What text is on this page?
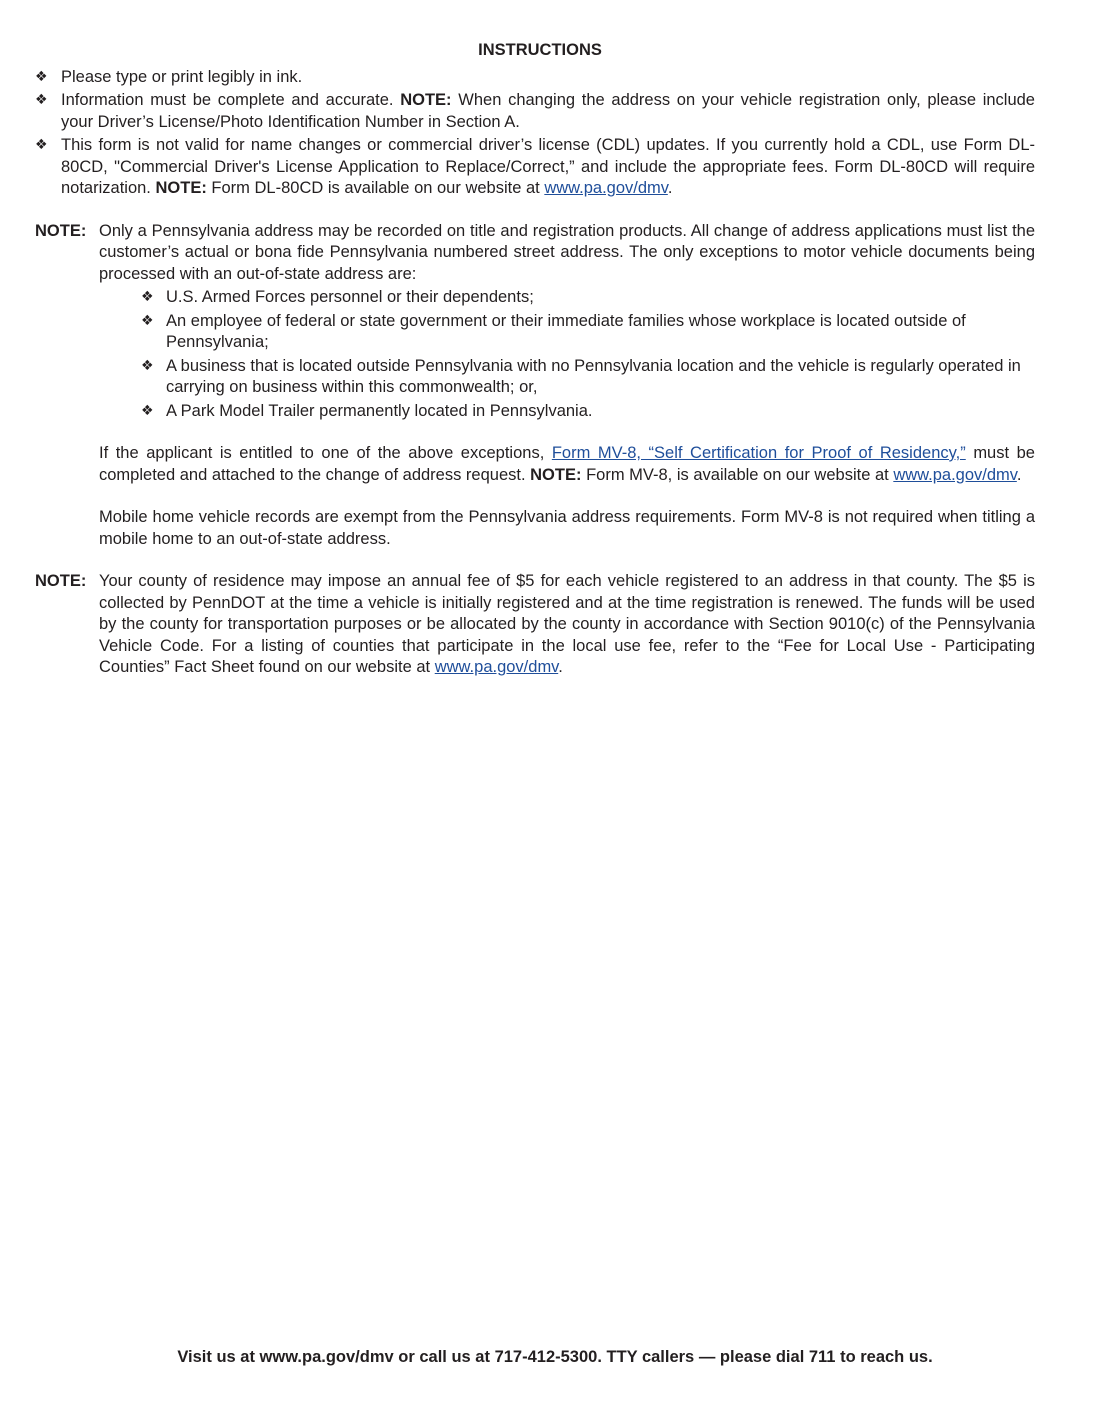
INSTRUCTIONS
❖ Please type or print legibly in ink.
❖ Information must be complete and accurate. NOTE: When changing the address on your vehicle registration only, please include your Driver’s License/Photo Identification Number in Section A.
❖ This form is not valid for name changes or commercial driver’s license (CDL) updates. If you currently hold a CDL, use Form DL-80CD, "Commercial Driver's License Application to Replace/Correct,” and include the appropriate fees. Form DL-80CD will require notarization. NOTE: Form DL-80CD is available on our website at www.pa.gov/dmv.
NOTE: Only a Pennsylvania address may be recorded on title and registration products. All change of address applications must list the customer’s actual or bona fide Pennsylvania numbered street address. The only exceptions to motor vehicle documents being processed with an out-of-state address are:

❖ U.S. Armed Forces personnel or their dependents;
❖ An employee of federal or state government or their immediate families whose workplace is located outside of Pennsylvania;
❖ A business that is located outside Pennsylvania with no Pennsylvania location and the vehicle is regularly operated in carrying on business within this commonwealth; or,
❖ A Park Model Trailer permanently located in Pennsylvania.

If the applicant is entitled to one of the above exceptions, Form MV-8, “Self Certification for Proof of Residency,” must be completed and attached to the change of address request. NOTE: Form MV-8, is available on our website at www.pa.gov/dmv.

Mobile home vehicle records are exempt from the Pennsylvania address requirements. Form MV-8 is not required when titling a mobile home to an out-of-state address.

NOTE: Your county of residence may impose an annual fee of $5 for each vehicle registered to an address in that county. The $5 is collected by PennDOT at the time a vehicle is initially registered and at the time registration is renewed. The funds will be used by the county for transportation purposes or be allocated by the county in accordance with Section 9010(c) of the Pennsylvania Vehicle Code. For a listing of counties that participate in the local use fee, refer to the “Fee for Local Use - Participating Counties” Fact Sheet found on our website at www.pa.gov/dmv.

Visit us at www.pa.gov/dmv or call us at 717-412-5300. TTY callers — please dial 711 to reach us.
